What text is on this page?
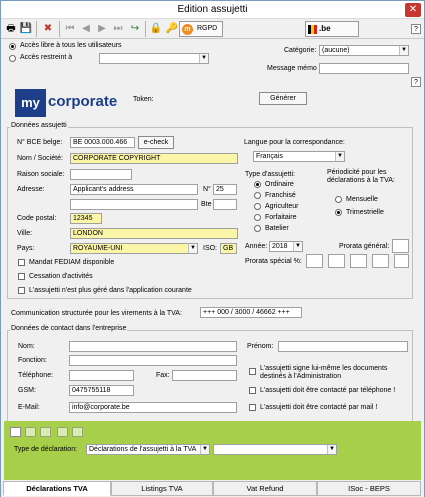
Edition assujetti	✕
🖶 💾 ✖ ⏮ ◀ ▶ ⏭ ↪ 🔒 🔑 m RGPD	.be	?
Accès libre à tous les utilisateurs
Accès restreint à	▼
Catégorie: (aucune)	▼
Message mémo
?
my corporate Token:	Générer
Données assujetti
N° BCE belge:	BE 0003.000.466	e-check
Nom / Société:	CORPORATE COPYRIGHT
Raison sociale:
Adresse:	Applicant's address	N° 25
Bte
Code postal:	12345
Ville:	LONDON
Pays:	ROYAUME-UNI	▼ ISO: GB
Mandat FEDIAM disponible
Cessation d'activités
L'assujetti n'est plus géré dans l'application courante
Langue pour la correspondance:
Français	▼
Type d'assujetti:
Ordinaire
Franchisé
Agriculteur
Forfaitaire
Batelier
Périodicité pour les déclarations à la TVA:
Mensuelle
Trimestrielle
Année: 2018	▼	Prorata général:
Prorata spécial %:
Communication structurée pour les virements à la TVA:	+++ 000 / 3000 / 46662 +++
Données de contact dans l'entreprise
Nom:	Prénom:
Fonction:
Téléphone:	Fax:
GSM:	0475755118
E-Mail:	info@corporate.be
L'assujetti signe lui-même les documents destinés à l'Administration
L'assujetti doit être contacté par téléphone !
L'assujetti doit être contacté par mail !
Type de déclaration:	Déclarations de l'assujetti à la TVA ▼	▼
Déclarations TVA	Listings TVA	Vat Refund	ISoc - BEPS
